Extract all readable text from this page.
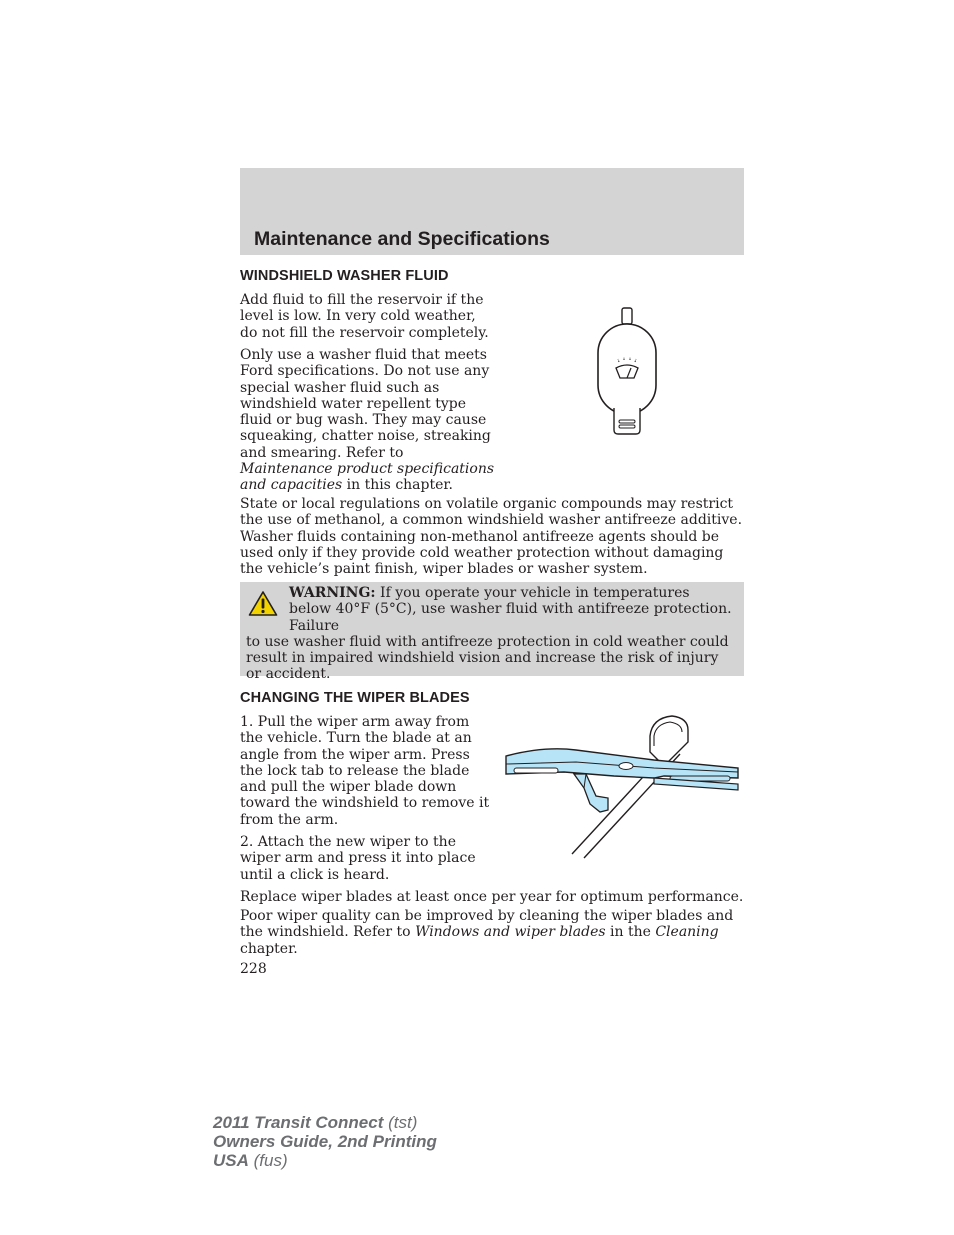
Maintenance and Specifications
WINDSHIELD WASHER FLUID

Add fluid to fill the reservoir if the level is low. In very cold weather, do not fill the reservoir completely.

Only use a washer fluid that meets Ford specifications. Do not use any special washer fluid such as windshield water repellent type fluid or bug wash. They may cause squeaking, chatter noise, streaking and smearing. Refer to Maintenance product specifications and capacities in this chapter.

State or local regulations on volatile organic compounds may restrict the use of methanol, a common windshield washer antifreeze additive. Washer fluids containing non-methanol antifreeze agents should be used only if they provide cold weather protection without damaging the vehicle’s paint finish, wiper blades or washer system.

WARNING: If you operate your vehicle in temperatures below 40°F (5°C), use washer fluid with antifreeze protection. Failure
to use washer fluid with antifreeze protection in cold weather could result in impaired windshield vision and increase the risk of injury or accident.
CHANGING THE WIPER BLADES

1. Pull the wiper arm away from the vehicle. Turn the blade at an angle from the wiper arm. Press the lock tab to release the blade and pull the wiper blade down toward the windshield to remove it from the arm.

2. Attach the new wiper to the wiper arm and press it into place until a click is heard.

Replace wiper blades at least once per year for optimum performance.

Poor wiper quality can be improved by cleaning the wiper blades and the windshield. Refer to Windows and wiper blades in the Cleaning chapter.

228
2011 Transit Connect (tst)
Owners Guide, 2nd Printing
USA (fus)
